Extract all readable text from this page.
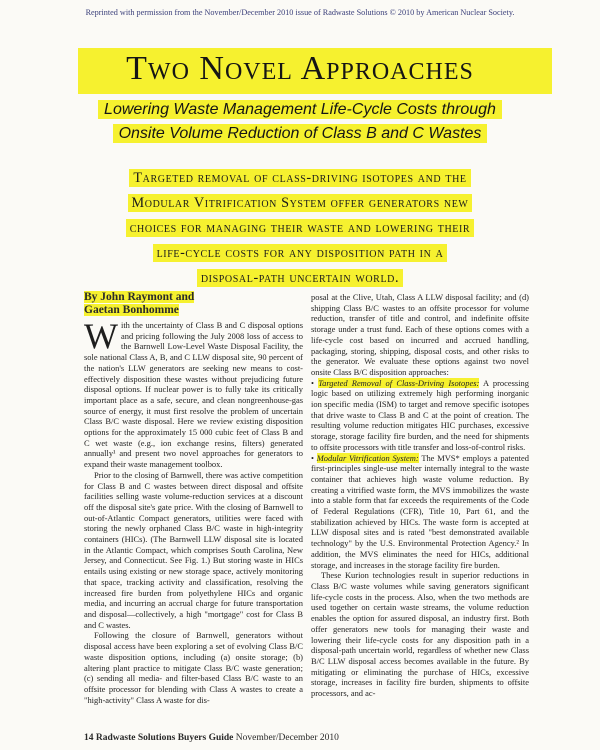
Reprinted with permission from the November/December 2010 issue of Radwaste Solutions © 2010 by American Nuclear Society.
Two Novel Approaches
Lowering Waste Management Life-Cycle Costs through
Onsite Volume Reduction of Class B and C Wastes
Targeted removal of class-driving isotopes and the
Modular Vitrification System offer generators new
choices for managing their waste and lowering their
life-cycle costs for any disposition path in a
disposal-path uncertain world.
By John Raymont and
Gaetan Bonhomme

With the uncertainty of Class B and C disposal options and pricing following the July 2008 loss of access to the Barnwell Low-Level Waste Disposal Facility, the sole national Class A, B, and C LLW disposal site, 90 percent of the nation's LLW generators are seeking new means to cost-effectively disposition these wastes without prejudicing future disposal options. If nuclear power is to fully take its critically important place as a safe, secure, and clean nongreenhouse-gas source of energy, it must first resolve the problem of uncertain Class B/C waste disposal. Here we review existing disposition options for the approximately 15 000 cubic feet of Class B and C wet waste (e.g., ion exchange resins, filters) generated annually¹ and present two novel approaches for generators to expand their waste management toolbox.

Prior to the closing of Barnwell, there was active competition for Class B and C wastes between direct disposal and offsite facilities selling waste volume-reduction services at a discount off the disposal site's gate price. With the closing of Barnwell to out-of-Atlantic Compact generators, utilities were faced with storing the newly orphaned Class B/C waste in high-integrity containers (HICs). (The Barnwell LLW disposal site is located in the Atlantic Compact, which comprises South Carolina, New Jersey, and Connecticut. See Fig. 1.) But storing waste in HICs entails using existing or new storage space, actively monitoring that space, tracking activity and classification, resolving the increased fire burden from polyethylene HICs and organic media, and incurring an accrual charge for future transportation and disposal—collectively, a high "mortgage" cost for Class B and C wastes.

Following the closure of Barnwell, generators without disposal access have been exploring a set of evolving Class B/C waste disposition options, including (a) onsite storage; (b) altering plant practice to mitigate Class B/C waste generation; (c) sending all media- and filter-based Class B/C waste to an offsite processor for blending with Class A wastes to create a "high-activity" Class A waste for dis-

posal at the Clive, Utah, Class A LLW disposal facility; and (d) shipping Class B/C wastes to an offsite processor for volume reduction, transfer of title and control, and indefinite offsite storage under a trust fund. Each of these options comes with a life-cycle cost based on incurred and accrued handling, packaging, storing, shipping, disposal costs, and other risks to the generator. We evaluate these options against two novel onsite Class B/C disposition approaches:

• Targeted Removal of Class-Driving Isotopes: A processing logic based on utilizing extremely high performing inorganic ion specific media (ISM) to target and remove specific isotopes that drive waste to Class B and C at the point of creation. The resulting volume reduction mitigates HIC purchases, excessive storage, storage facility fire burden, and the need for shipments to offsite processors with title transfer and loss-of-control risks.

• Modular Vitrification System: The MVS* employs a patented first-principles single-use melter internally integral to the waste container that achieves high waste volume reduction. By creating a vitrified waste form, the MVS immobilizes the waste into a stable form that far exceeds the requirements of the Code of Federal Regulations (CFR), Title 10, Part 61, and the stabilization achieved by HICs. The waste form is accepted at LLW disposal sites and is rated "best demonstrated available technology" by the U.S. Environmental Protection Agency.² In addition, the MVS eliminates the need for HICs, additional storage, and increases in the storage facility fire burden.

These Kurion technologies result in superior reductions in Class B/C waste volumes while saving generators significant life-cycle costs in the process. Also, when the two methods are used together on certain waste streams, the volume reduction enables the option for assured disposal, an industry first. Both offer generators new tools for managing their waste and lowering their life-cycle costs for any disposition path in a disposal-path uncertain world, regardless of whether new Class B/C LLW disposal access becomes available in the future. By mitigating or eliminating the purchase of HICs, excessive storage, increases in facility fire burden, shipments to offsite processors, and ac-

14 Radwaste Solutions Buyers Guide November/December 2010
